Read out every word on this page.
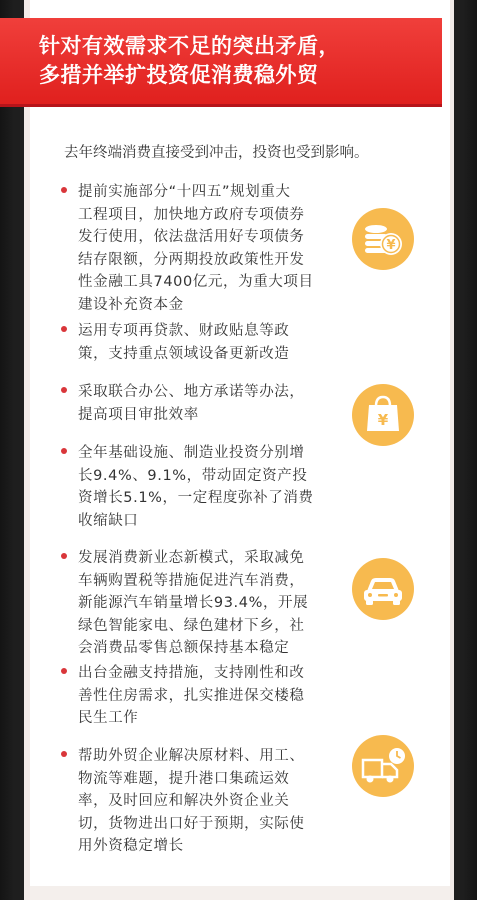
针对有效需求不足的突出矛盾，
多措并举扩投资促消费稳外贸
去年终端消费直接受到冲击，投资也受到影响。
提前实施部分“十四五”规划重大
工程项目，加快地方政府专项债券
发行使用，依法盘活用好专项债务
结存限额，分两期投放政策性开发
性金融工具7400亿元，为重大项目
建设补充资本金
运用专项再贷款、财政贴息等政
策，支持重点领域设备更新改造
采取联合办公、地方承诺等办法，
提高项目审批效率
全年基础设施、制造业投资分别增
长9.4%、9.1%，带动固定资产投
资增长5.1%，一定程度弥补了消费
收缩缺口
发展消费新业态新模式，采取减免
车辆购置税等措施促进汽车消费，
新能源汽车销量增长93.4%，开展
绿色智能家电、绿色建材下乡，社
会消费品零售总额保持基本稳定
出台金融支持措施，支持刚性和改
善性住房需求，扎实推进保交楼稳
民生工作
帮助外贸企业解决原材料、用工、
物流等难题，提升港口集疏运效
率，及时回应和解决外资企业关
切，货物进出口好于预期，实际使
用外资稳定增长
¥
¥
